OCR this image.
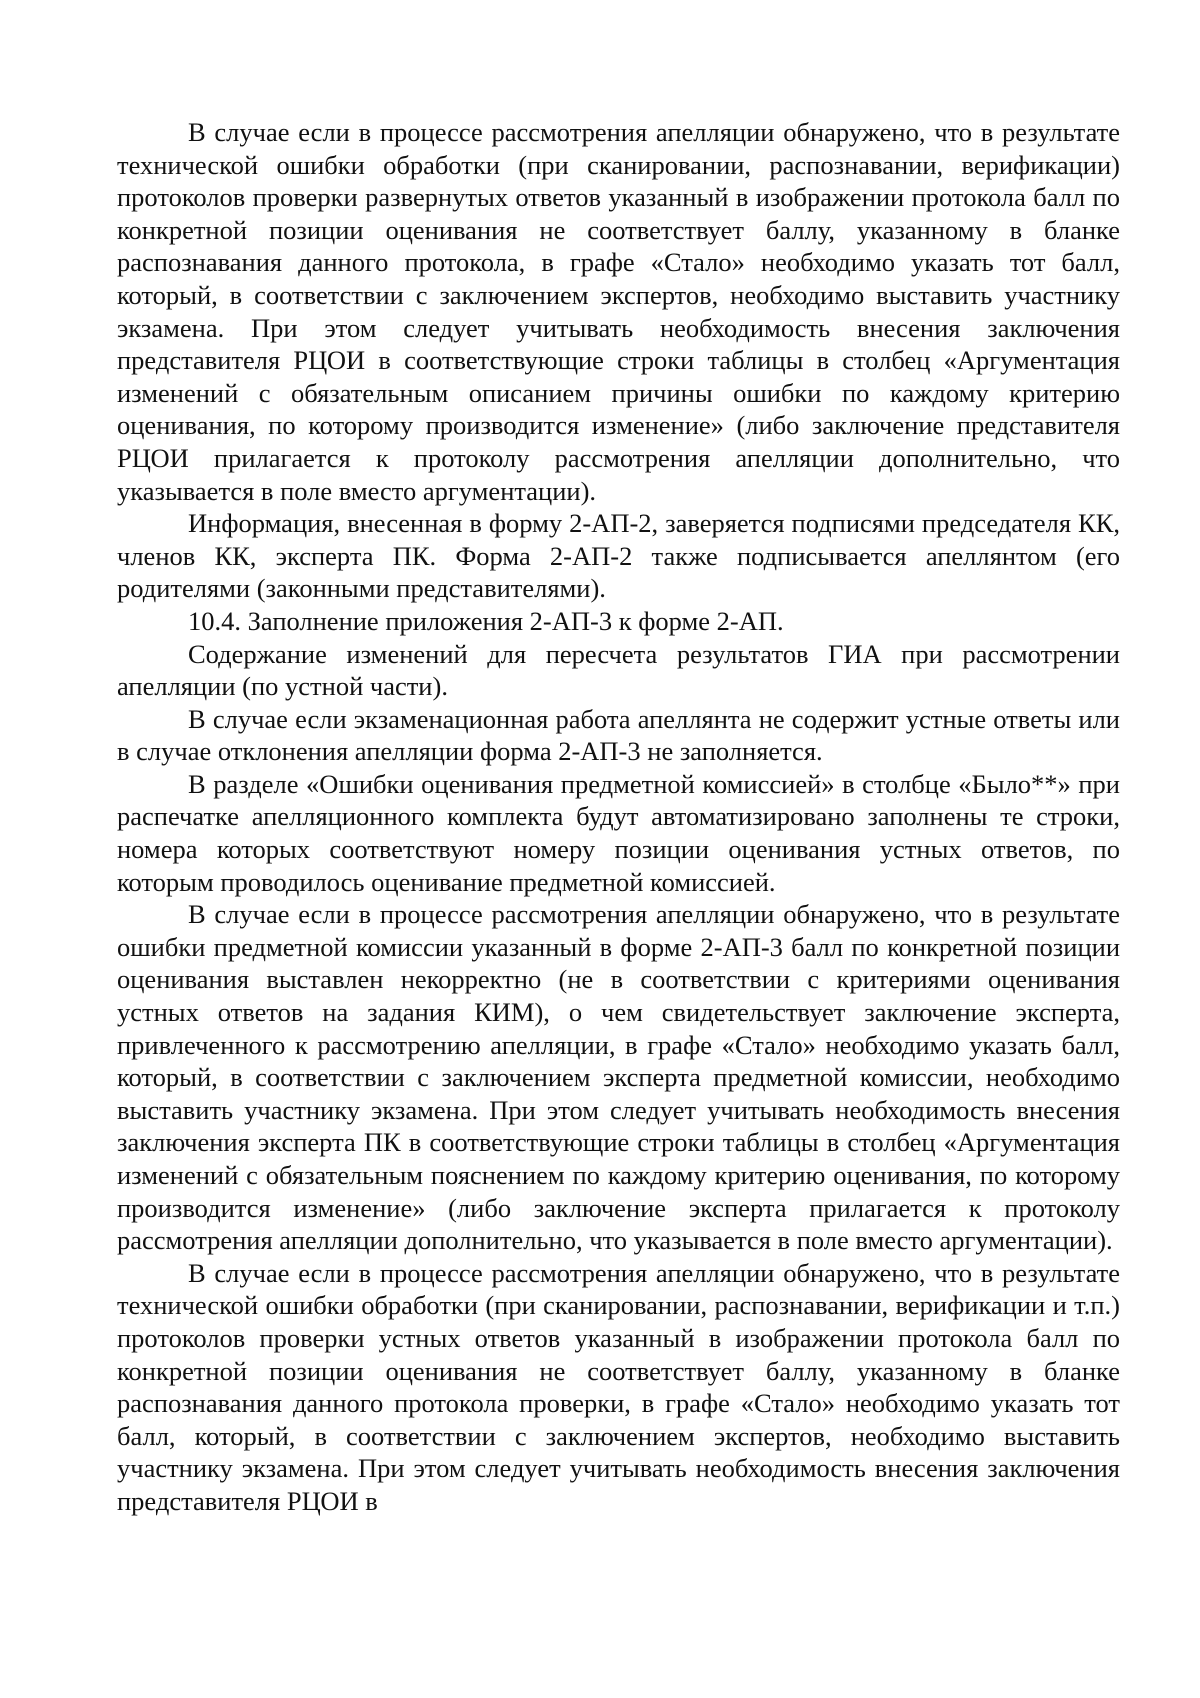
В случае если в процессе рассмотрения апелляции обнаружено, что в результате технической ошибки обработки (при сканировании, распознавании, верификации) протоколов проверки развернутых ответов указанный в изображении протокола балл по конкретной позиции оценивания не соответствует баллу, указанному в бланке распознавания данного протокола, в графе «Стало» необходимо указать тот балл, который, в соответствии с заключением экспертов, необходимо выставить участнику экзамена. При этом следует учитывать необходимость внесения заключения представителя РЦОИ в соответствующие строки таблицы в столбец «Аргументация изменений с обязательным описанием причины ошибки по каждому критерию оценивания, по которому производится изменение» (либо заключение представителя РЦОИ прилагается к протоколу рассмотрения апелляции дополнительно, что указывается в поле вместо аргументации).

Информация, внесенная в форму 2-АП-2, заверяется подписями председателя КК, членов КК, эксперта ПК. Форма 2-АП-2 также подписывается апеллянтом (его родителями (законными представителями).

10.4. Заполнение приложения 2-АП-3 к форме 2-АП.

Содержание изменений для пересчета результатов ГИА при рассмотрении апелляции (по устной части).

В случае если экзаменационная работа апеллянта не содержит устные ответы или в случае отклонения апелляции форма 2-АП-3 не заполняется.

В разделе «Ошибки оценивания предметной комиссией» в столбце «Было**» при распечатке апелляционного комплекта будут автоматизировано заполнены те строки, номера которых соответствуют номеру позиции оценивания устных ответов, по которым проводилось оценивание предметной комиссией.

В случае если в процессе рассмотрения апелляции обнаружено, что в результате ошибки предметной комиссии указанный в форме 2-АП-3 балл по конкретной позиции оценивания выставлен некорректно (не в соответствии с критериями оценивания устных ответов на задания КИМ), о чем свидетельствует заключение эксперта, привлеченного к рассмотрению апелляции, в графе «Стало» необходимо указать балл, который, в соответствии с заключением эксперта предметной комиссии, необходимо выставить участнику экзамена. При этом следует учитывать необходимость внесения заключения эксперта ПК в соответствующие строки таблицы в столбец «Аргументация изменений с обязательным пояснением по каждому критерию оценивания, по которому производится изменение» (либо заключение эксперта прилагается к протоколу рассмотрения апелляции дополнительно, что указывается в поле вместо аргументации).

В случае если в процессе рассмотрения апелляции обнаружено, что в результате технической ошибки обработки (при сканировании, распознавании, верификации и т.п.) протоколов проверки устных ответов указанный в изображении протокола балл по конкретной позиции оценивания не соответствует баллу, указанному в бланке распознавания данного протокола проверки, в графе «Стало» необходимо указать тот балл, который, в соответствии с заключением экспертов, необходимо выставить участнику экзамена. При этом следует учитывать необходимость внесения заключения представителя РЦОИ в
